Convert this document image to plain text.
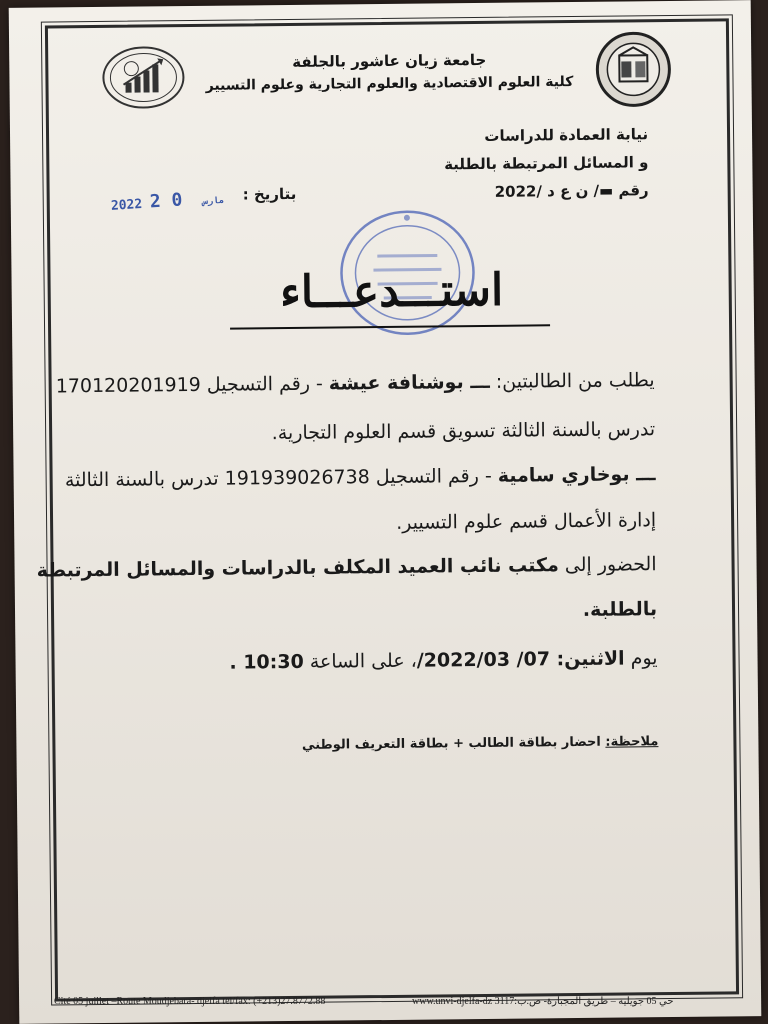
جامعة زيان عاشور بالجلفة
كلية العلوم الاقتصادية والعلوم التجارية وعلوم التسيير
نيابة العمادة للدراسات
و المسائل المرتبطة بالطلبة
رقم ▬/ ن ع د /2022
بتاريخ :
2022	مارس 0 2
استـــدعـــاء
يطلب من الطالبتين: ـــ بوشنافة عيشة - رقم التسجيل 170120201919
تدرس بالسنة الثالثة تسويق قسم العلوم التجارية.
ـــ بوخاري سامية - رقم التسجيل 191939026738 تدرس بالسنة الثالثة
إدارة الأعمال قسم علوم التسيير.
الحضور إلى مكتب نائب العميد المكلف بالدراسات والمسائل المرتبطة
بالطلبة.
يوم الاثنين: 07/ 2022/03/، على الساعة 10:30 .
ملاحظة: احضار بطاقة الطالب + بطاقة التعريف الوطني
Cité 05 juillet –Route Moudjebara- djelfa tel/fax: (+213)27.8772.88	www.unvi-djelfa-dz 3117:حي 05 جويلية – طريق المجبارة- ص.ب
